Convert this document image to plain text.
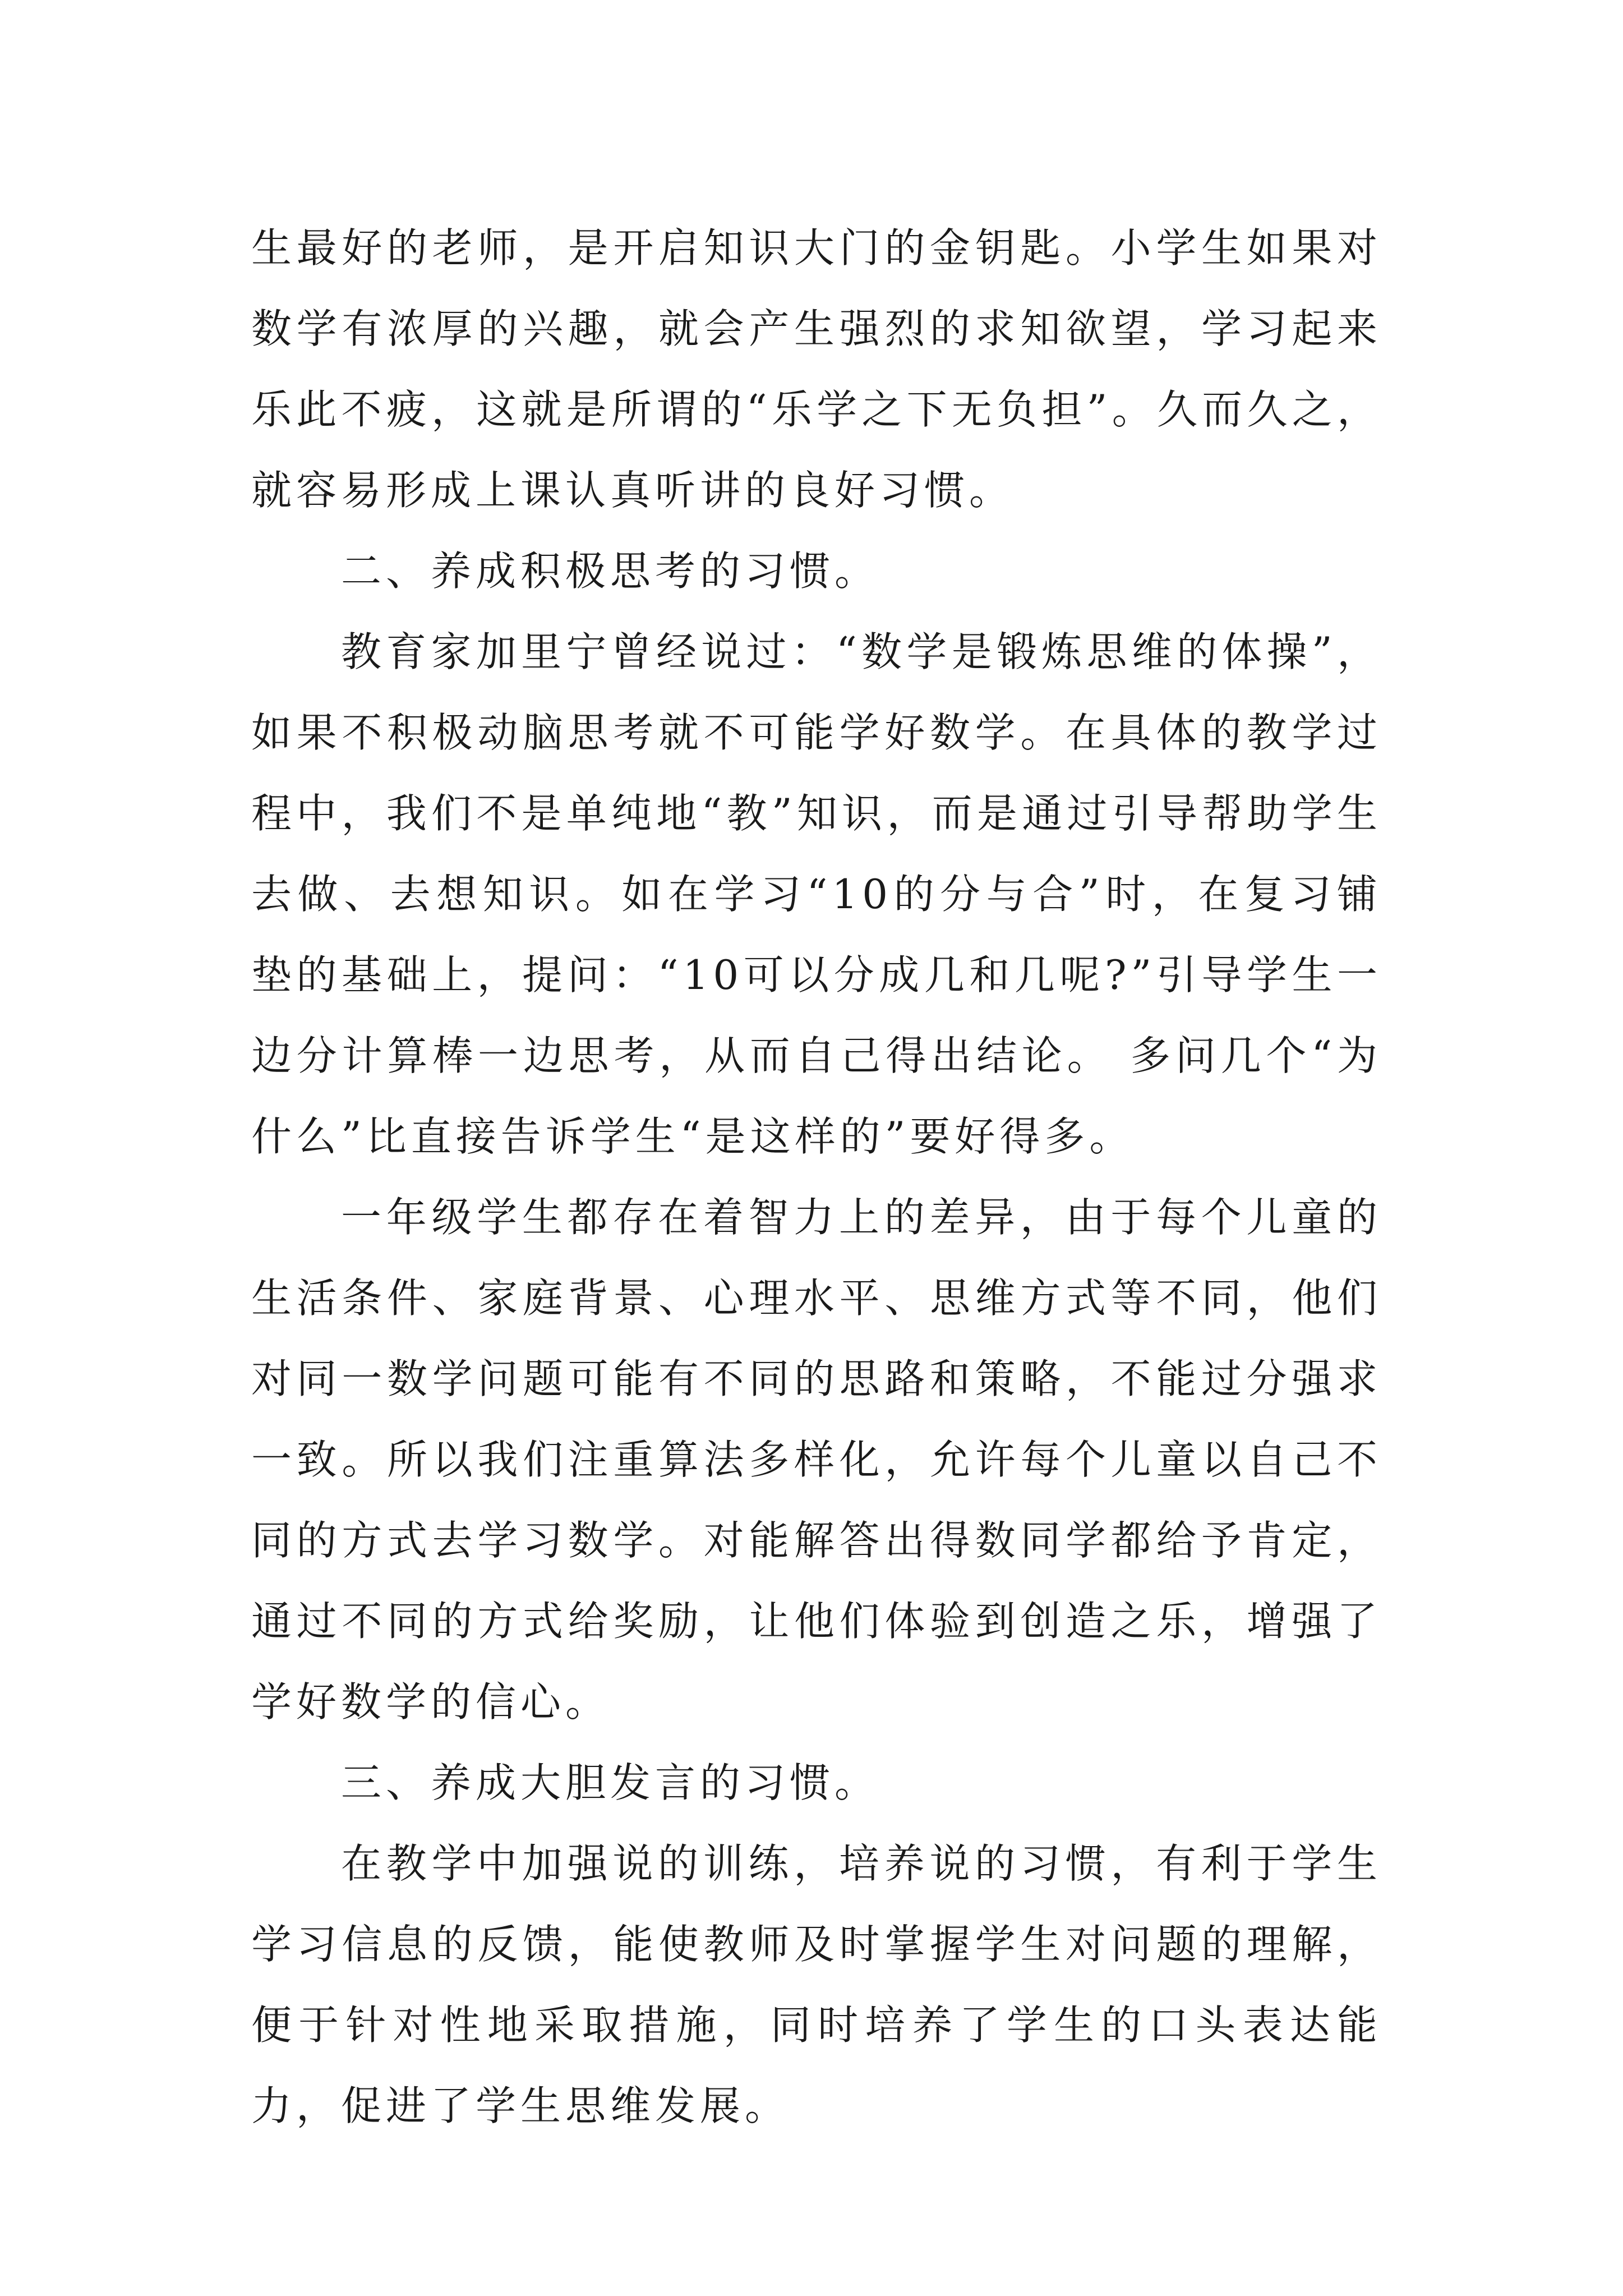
生最好的老师，是开启知识大门的金钥匙。小学生如果对数学有浓厚的兴趣，就会产生强烈的求知欲望，学习起来乐此不疲，这就是所谓的“乐学之下无负担”。久而久之，就容易形成上课认真听讲的良好习惯。

二、养成积极思考的习惯。

教育家加里宁曾经说过：“数学是锻炼思维的体操”，如果不积极动脑思考就不可能学好数学。在具体的教学过程中，我们不是单纯地“教”知识，而是通过引导帮助学生去做、去想知识。如在学习“10的分与合”时，在复习铺垫的基础上，提问：“10可以分成几和几呢?”引导学生一边分计算棒一边思考，从而自己得出结论。 多问几个“为什么”比直接告诉学生“是这样的”要好得多。

一年级学生都存在着智力上的差异，由于每个儿童的生活条件、家庭背景、心理水平、思维方式等不同，他们对同一数学问题可能有不同的思路和策略，不能过分强求一致。所以我们注重算法多样化，允许每个儿童以自己不同的方式去学习数学。对能解答出得数同学都给予肯定，通过不同的方式给奖励，让他们体验到创造之乐，增强了学好数学的信心。

三、养成大胆发言的习惯。

在教学中加强说的训练，培养说的习惯，有利于学生学习信息的反馈，能使教师及时掌握学生对问题的理解，便于针对性地采取措施，同时培养了学生的口头表达能力，促进了学生思维发展。
